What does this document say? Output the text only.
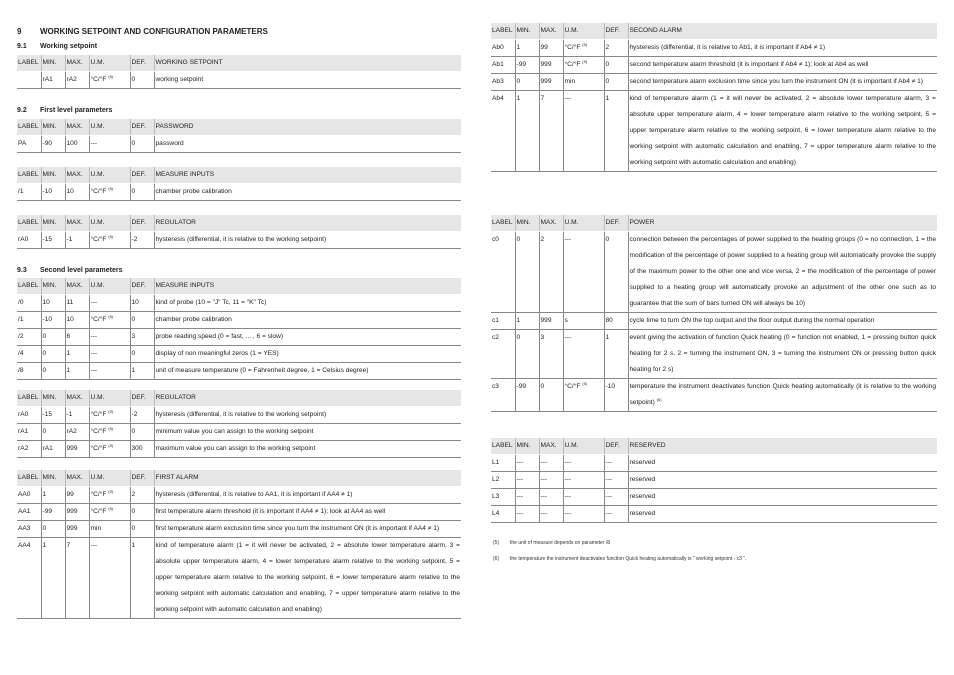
9 WORKING SETPOINT AND CONFIGURATION PARAMETERS
9.1 Working setpoint
LABEL	MIN.	MAX.	U.M.	DEF.	WORKING SETPOINT
	rA1	rA2	°C/°F $^{(5)}$	0	working setpoint
9.2 First level parameters
LABEL	MIN.	MAX.	U.M.	DEF.	PASSWORD
PA	-90	100	---	0	password
LABEL	MIN.	MAX.	U.M.	DEF.	MEASURE INPUTS
/1	-10	10	°C/°F $^{(5)}$	0	chamber probe calibration
LABEL	MIN.	MAX.	U.M.	DEF.	REGULATOR
rA0	-15	-1	°C/°F $^{(5)}$	-2	hysteresis (differential, it is relative to the working setpoint)
9.3 Second level parameters
LABEL	MIN.	MAX.	U.M.	DEF.	MEASURE INPUTS
/0	10	11	---	10	kind of probe (10 = "J" Tc, 11 = "K" Tc)
/1	-10	10	°C/°F $^{(5)}$	0	chamber probe calibration
/2	0	6	---	3	probe reading speed (0 = fast, ... , 6 = slow)
/4	0	1	---	0	display of non meaningful zeros (1 = YES)
/8	0	1	---	1	unit of measure temperature (0 = Fahrenheit degree, 1 = Celsius degree)
LABEL	MIN.	MAX.	U.M.	DEF.	REGULATOR
rA0	-15	-1	°C/°F $^{(5)}$	-2	hysteresis (differential, it is relative to the working setpoint)
rA1	0	rA2	°C/°F $^{(5)}$	0	minimum value you can assign to the working setpoint
rA2	rA1	999	°C/°F $^{(5)}$	300	maximum value you can assign to the working setpoint
LABEL	MIN.	MAX.	U.M.	DEF.	FIRST ALARM
AA0	1	99	°C/°F $^{(5)}$	2	hysteresis (differential, it is relative to AA1, it is important if AA4 ≠ 1)
AA1	-99	999	°C/°F $^{(5)}$	0	first temperature alarm threshold (it is important if AA4 ≠ 1); look at AA4 as well
AA3	0	999	min	0	first temperature alarm exclusion time since you turn the instrument ON (it is important if AA4 ≠ 1)
AA4	1	7	---	1	kind of temperature alarm (1 = it will never be activated, 2 = absolute lower temperature alarm, 3 = absolute upper temperature alarm, 4 = lower temperature alarm relative to the working setpoint, 5 = upper temperature alarm relative to the working setpoint, 6 = lower temperature alarm relative to the working setpoint with automatic calculation and enabling, 7 = upper temperature alarm relative to the working setpoint with automatic calculation and enabling)
LABEL	MIN.	MAX.	U.M.	DEF.	SECOND ALARM
Ab0	1	99	°C/°F $^{(5)}$	2	hysteresis (differential, it is relative to Ab1, it is important if Ab4 ≠ 1)
Ab1	-99	999	°C/°F $^{(5)}$	0	second temperature alarm threshold (it is important if Ab4 ≠ 1); look at Ab4 as well
Ab3	0	999	min	0	second temperature alarm exclusion time since you turn the instrument ON (it is important if Ab4 ≠ 1)
Ab4	1	7	---	1	kind of temperature alarm (1 = it will never be activated, 2 = absolute lower temperature alarm, 3 = absolute upper temperature alarm, 4 = lower temperature alarm relative to the working setpoint, 5 = upper temperature alarm relative to the working setpoint, 6 = lower temperature alarm relative to the working setpoint with automatic calculation and enabling, 7 = upper temperature alarm relative to the working setpoint with automatic calculation and enabling)
LABEL	MIN.	MAX.	U.M.	DEF.	POWER
c0	0	2	---	0	connection between the percentages of power supplied to the heating groups (0 = no connection, 1 = the modification of the percentage of power supplied to a heating group will automatically provoke the supply of the maximum power to the other one and vice versa, 2 = the modification of the percentage of power supplied to a heating group will automatically provoke an adjustment of the other one such as to guarantee that the sum of bars turned ON will always be 10)
c1	1	999	s	80	cycle time to turn ON the top output and the floor output during the normal operation
c2	0	3	---	1	event giving the activation of function Quick heating (0 = function not enabled, 1 = pressing button quick heating for 2 s, 2 = turning the instrument ON, 3 = turning the instrument ON or pressing button quick heating for 2 s)
c3	-99	0	°C/°F $^{(5)}$	-10	temperature the instrument deactivates function Quick heating automatically (it is relative to the working setpoint) $^{(6)}$
LABEL	MIN.	MAX.	U.M.	DEF.	RESERVED
L1	---	---	---	---	reserved
L2	---	---	---	---	reserved
L3	---	---	---	---	reserved
L4	---	---	---	---	reserved
(5) the unit of measure depends on parameter /8
(6) the temperature the instrument deactivates function Quick heating automatically is " working setpoint - c3 ".
